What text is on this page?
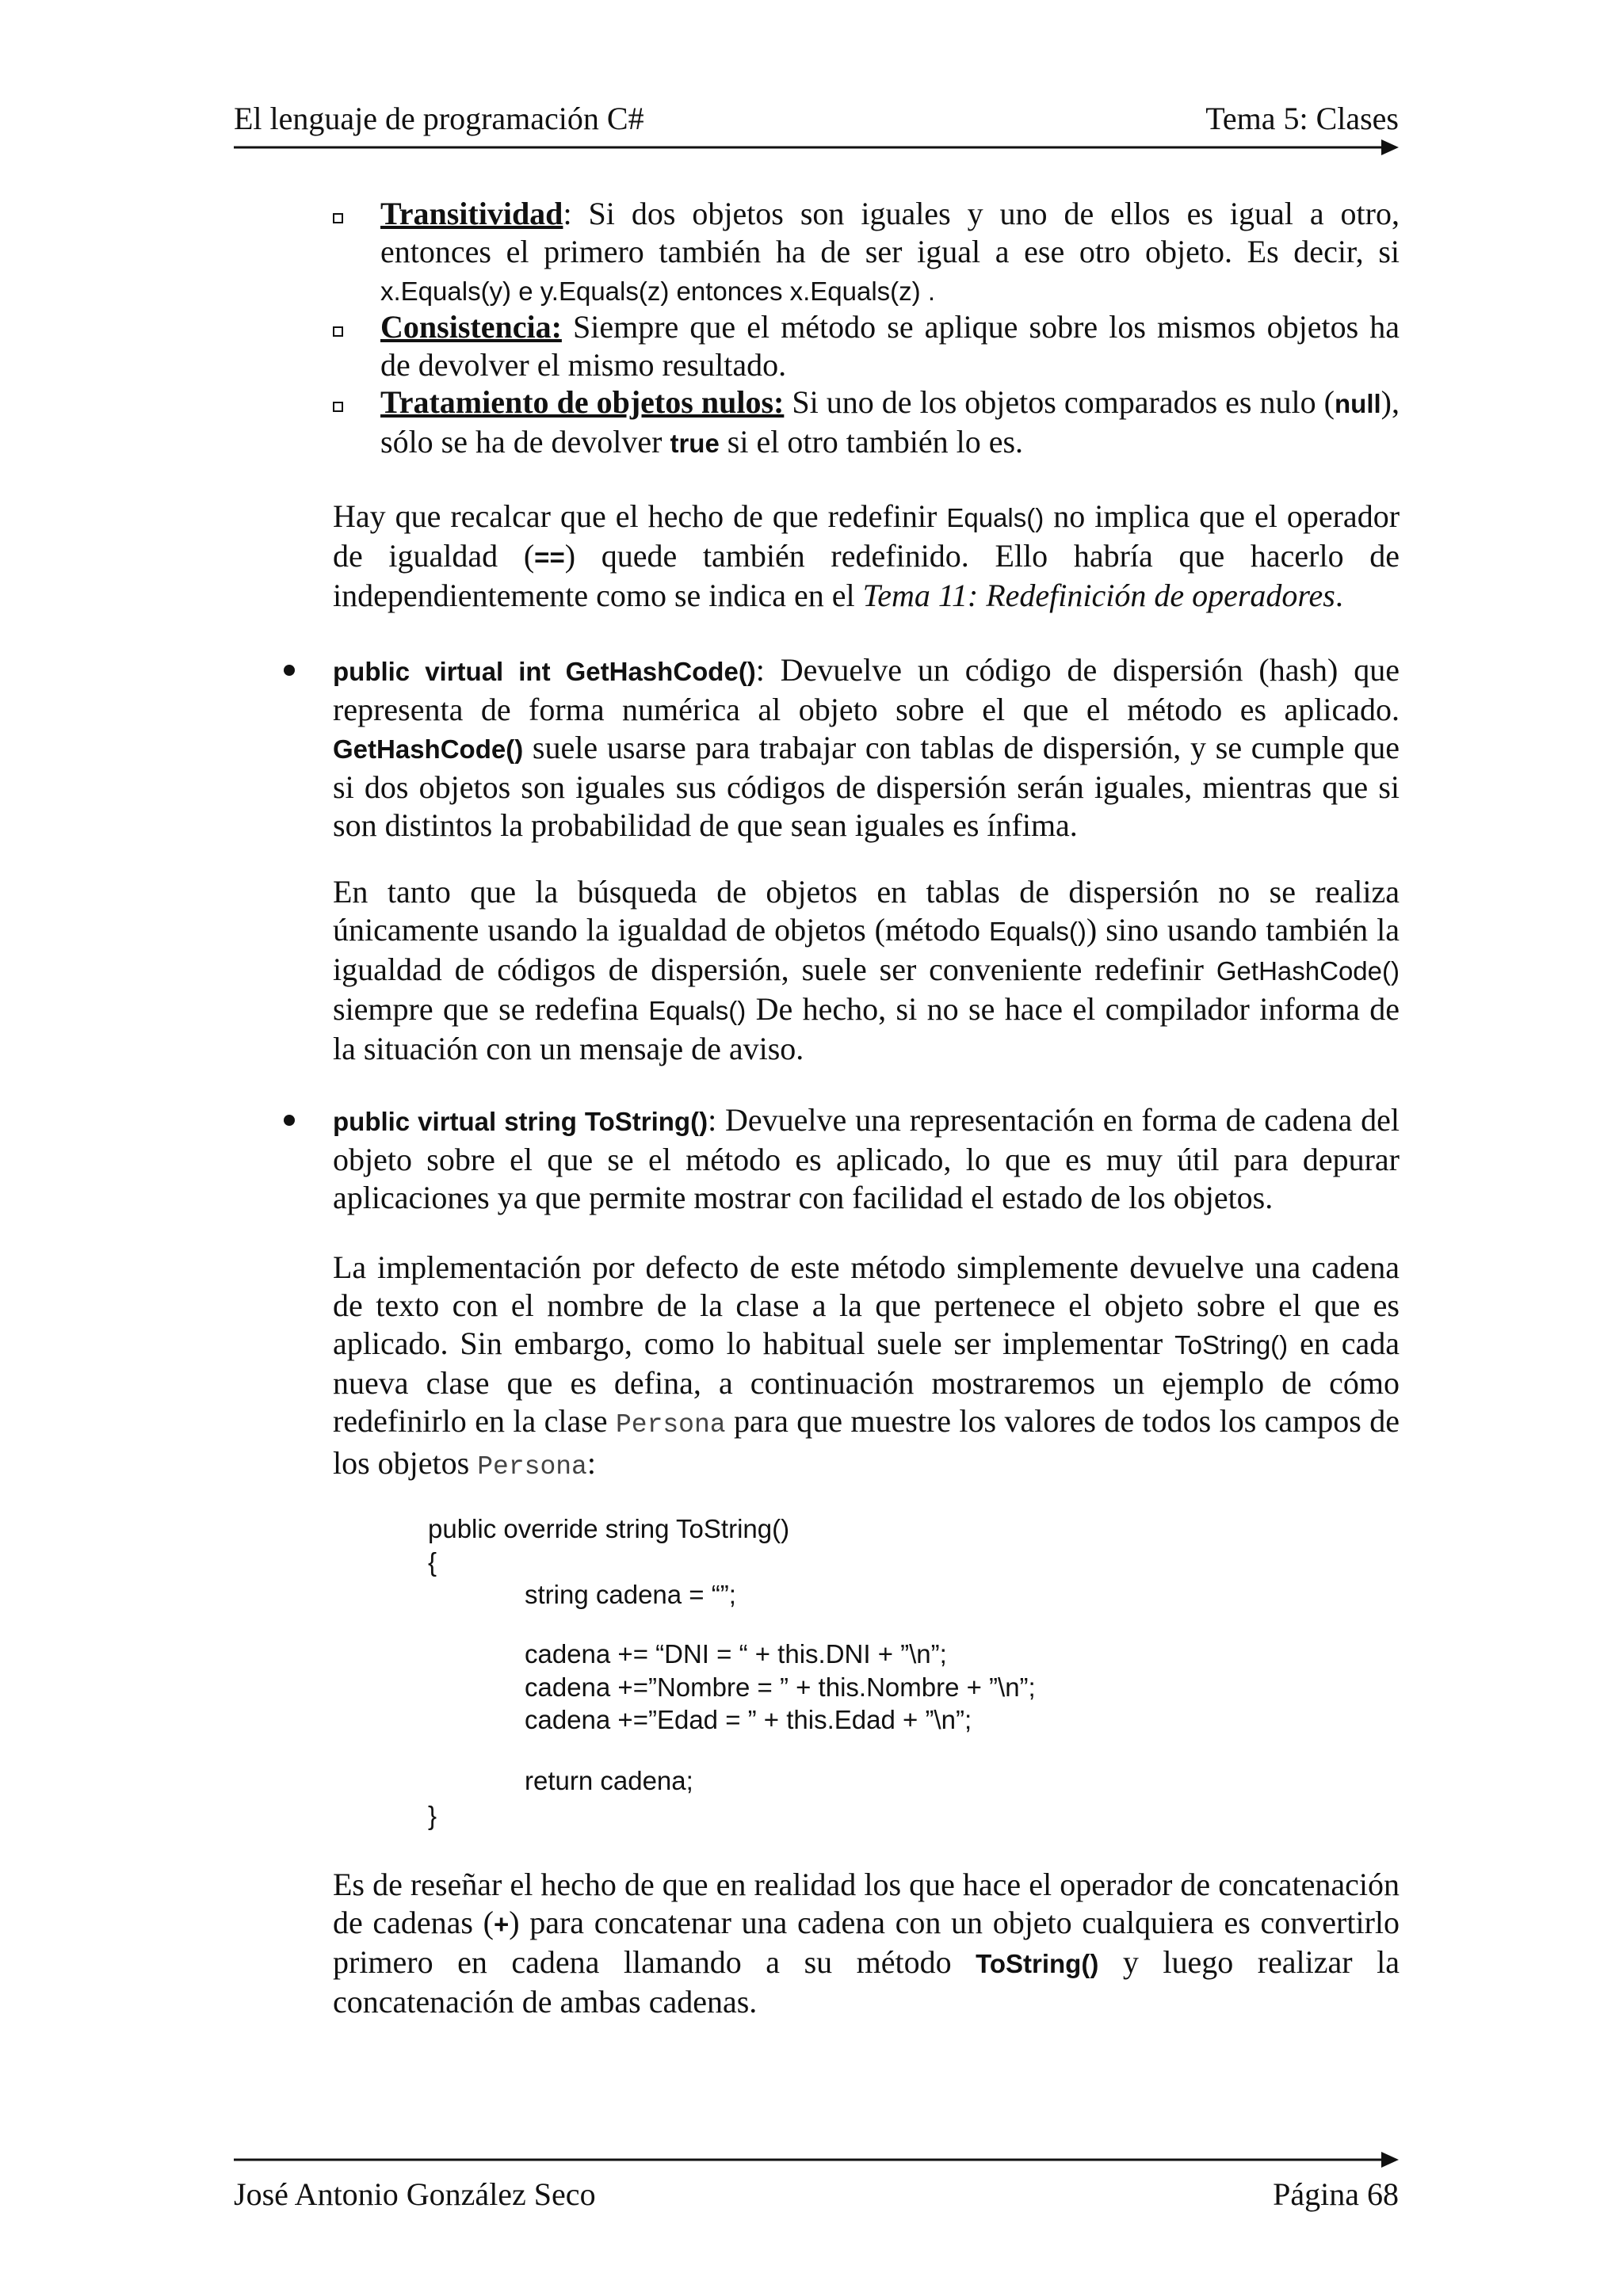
El lenguaje de programación C#	Tema 5: Clases
Transitividad: Si dos objetos son iguales y uno de ellos es igual a otro, entonces el primero también ha de ser igual a ese otro objeto. Es decir, si x.Equals(y) e y.Equals(z) entonces x.Equals(z) .
Consistencia: Siempre que el método se aplique sobre los mismos objetos ha de devolver el mismo resultado.
Tratamiento de objetos nulos: Si uno de los objetos comparados es nulo (null), sólo se ha de devolver true si el otro también lo es.
Hay que recalcar que el hecho de que redefinir Equals() no implica que el operador de igualdad (==) quede también redefinido. Ello habría que hacerlo de independientemente como se indica en el Tema 11: Redefinición de operadores.
public virtual int GetHashCode(): Devuelve un código de dispersión (hash) que representa de forma numérica al objeto sobre el que el método es aplicado. GetHashCode() suele usarse para trabajar con tablas de dispersión, y se cumple que si dos objetos son iguales sus códigos de dispersión serán iguales, mientras que si son distintos la probabilidad de que sean iguales es ínfima.
En tanto que la búsqueda de objetos en tablas de dispersión no se realiza únicamente usando la igualdad de objetos (método Equals()) sino usando también la igualdad de códigos de dispersión, suele ser conveniente redefinir GetHashCode() siempre que se redefina Equals() De hecho, si no se hace el compilador informa de la situación con un mensaje de aviso.
public virtual string ToString(): Devuelve una representación en forma de cadena del objeto sobre el que se el método es aplicado, lo que es muy útil para depurar aplicaciones ya que permite mostrar con facilidad el estado de los objetos.
La implementación por defecto de este método simplemente devuelve una cadena de texto con el nombre de la clase a la que pertenece el objeto sobre el que es aplicado. Sin embargo, como lo habitual suele ser implementar ToString() en cada nueva clase que es defina, a continuación mostraremos un ejemplo de cómo redefinirlo en la clase Persona para que muestre los valores de todos los campos de los objetos Persona:
public override string ToString()
{
string cadena = “”;
cadena += “DNI = “ + this.DNI + ”\n”;
cadena +=”Nombre = ” + this.Nombre + ”\n”;
cadena +=”Edad = ” + this.Edad + ”\n”;
return cadena;
}
Es de reseñar el hecho de que en realidad los que hace el operador de concatenación de cadenas (+) para concatenar una cadena con un objeto cualquiera es convertirlo primero en cadena llamando a su método ToString() y luego realizar la concatenación de ambas cadenas.
José Antonio González Seco	Página 68
